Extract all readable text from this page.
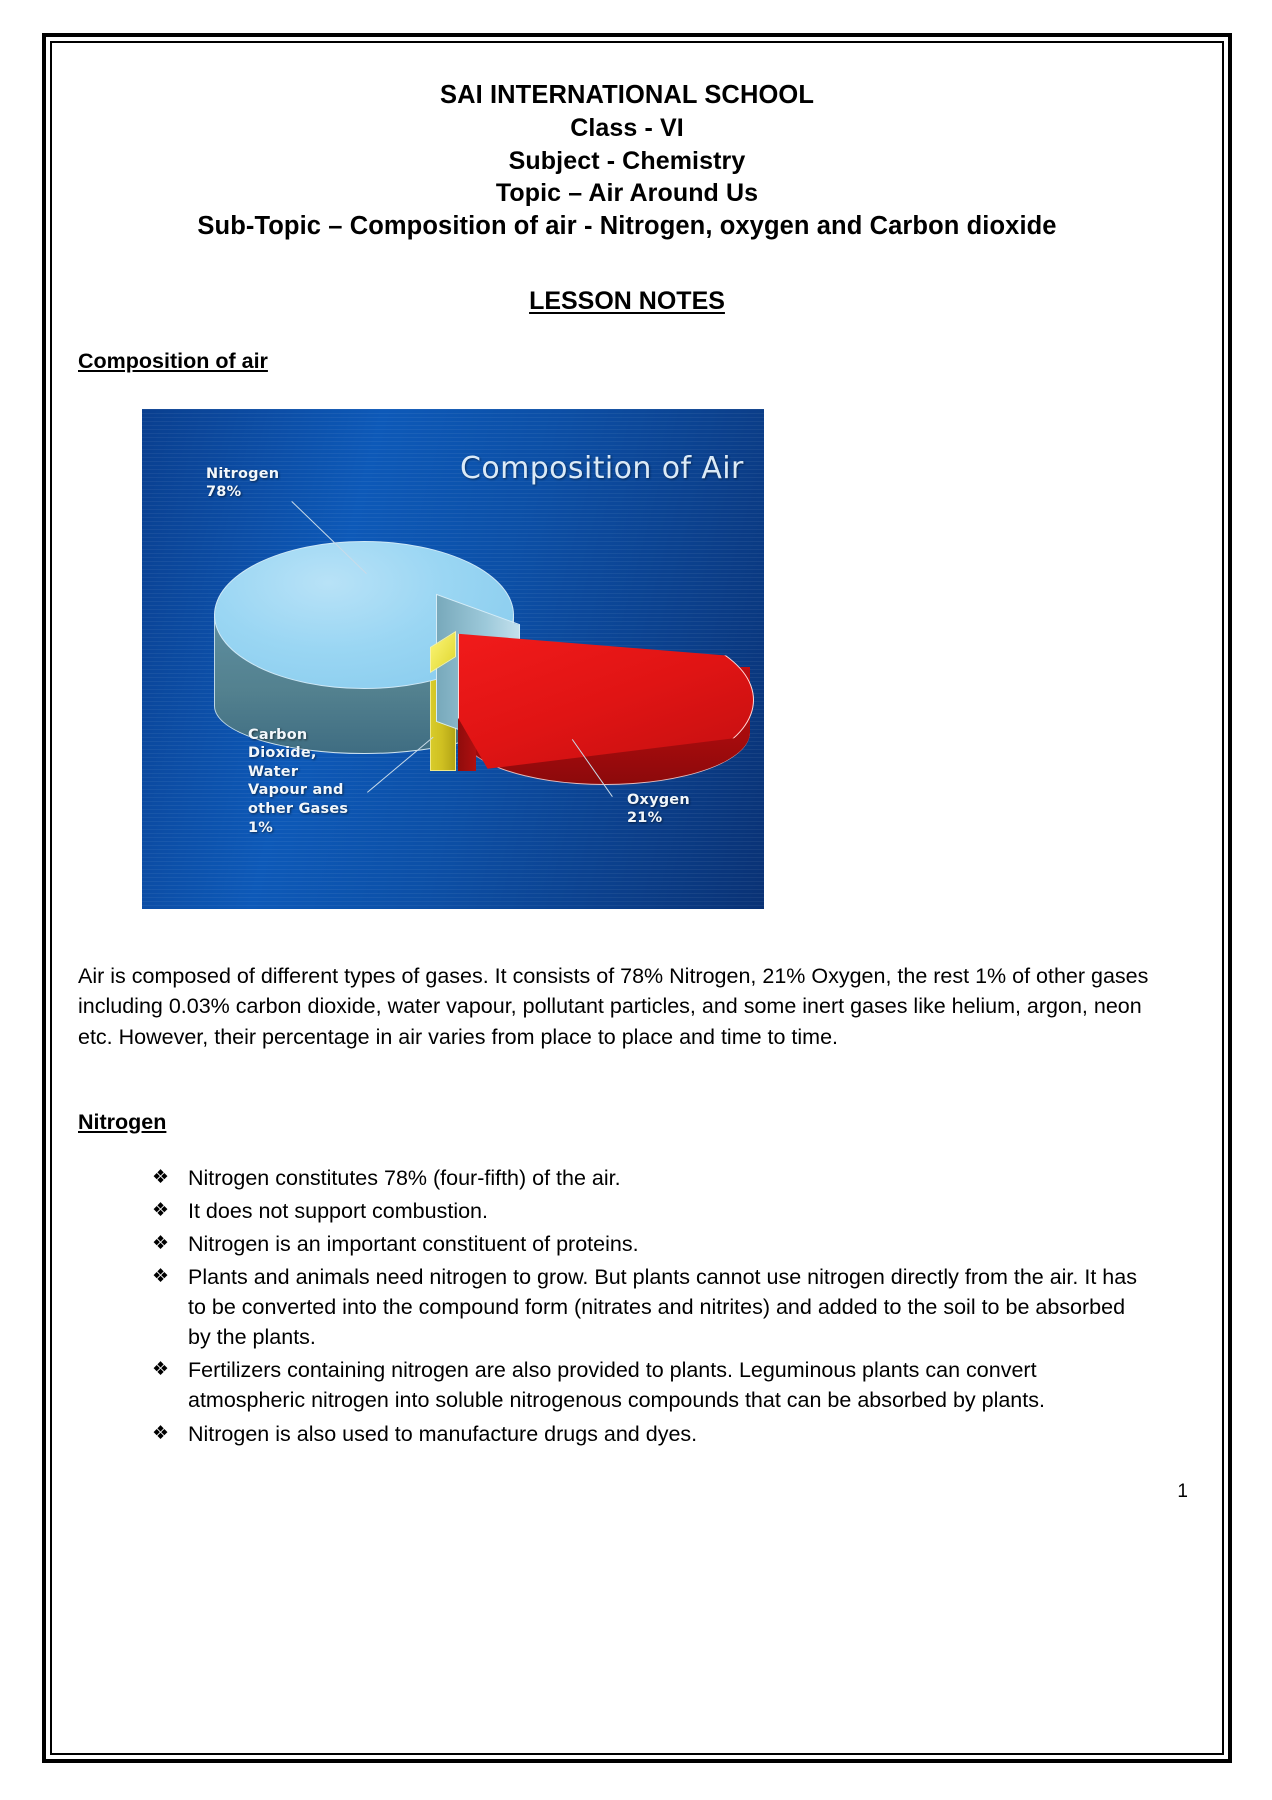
SAI INTERNATIONAL SCHOOL
Class - VI
Subject - Chemistry
Topic – Air Around Us
Sub-Topic – Composition of air - Nitrogen, oxygen and Carbon dioxide
LESSON NOTES
Composition of air
Composition of Air
Nitrogen
78%
Carbon
Dioxide,
Water
Vapour and
other Gases
1%
Oxygen
21%

Air is composed of different types of gases. It consists of 78% Nitrogen, 21% Oxygen, the rest 1% of other gases including 0.03% carbon dioxide, water vapour, pollutant particles, and some inert gases like helium, argon, neon etc. However, their percentage in air varies from place to place and time to time.

Nitrogen
❖ Nitrogen constitutes 78% (four-fifth) of the air.
❖ It does not support combustion.
❖ Nitrogen is an important constituent of proteins.
❖ Plants and animals need nitrogen to grow. But plants cannot use nitrogen directly from the air. It has to be converted into the compound form (nitrates and nitrites) and added to the soil to be absorbed by the plants.
❖ Fertilizers containing nitrogen are also provided to plants. Leguminous plants can convert atmospheric nitrogen into soluble nitrogenous compounds that can be absorbed by plants.
❖ Nitrogen is also used to manufacture drugs and dyes.
1
